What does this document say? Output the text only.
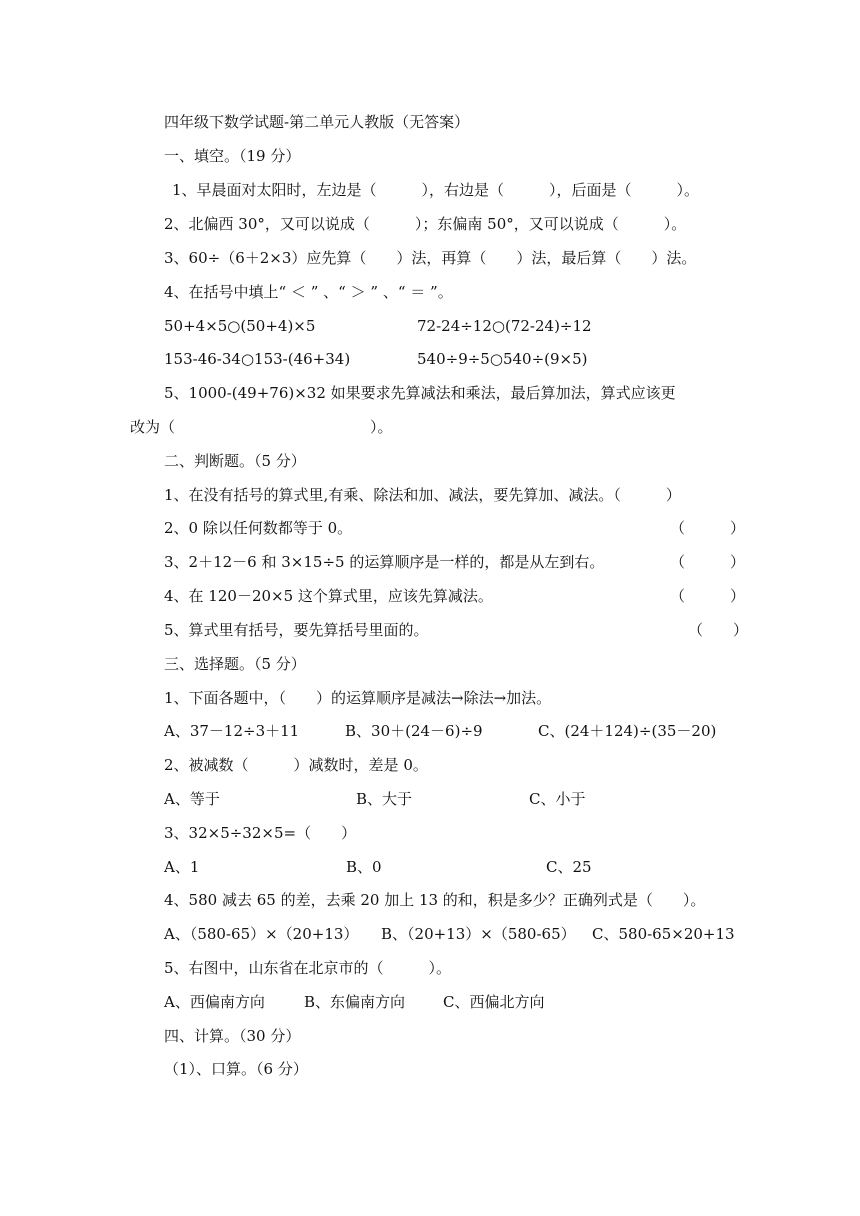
四年级下数学试题-第二单元人教版（无答案）
一、填空。（19 分）
1、早晨面对太阳时，左边是（　　　），右边是（　　　），后面是（　　　）。
2、北偏西 30°，又可以说成（　　　）；东偏南 50°，又可以说成（　　　）。
3、60÷（6＋2×3）应先算（　　）法，再算（　　）法，最后算（　　）法。
4、在括号中填上“ ＜ ” 、“ ＞ ” 、“ ＝ ”。
50+4×5○(50+4)×5	72-24÷12○(72-24)÷12
153-46-34○153-(46+34)	540÷9÷5○540÷(9×5)
5、1000-(49+76)×32 如果要求先算减法和乘法，最后算加法，算式应该更
改为（　　　　　　　　　　　　　）。
二、判断题。（5 分）
1、在没有括号的算式里,有乘、除法和加、减法，要先算加、减法。（　　　）
2、0 除以任何数都等于 0。	（　　　）
3、2＋12－6 和 3×15÷5 的运算顺序是一样的，都是从左到右。	（　　　）
4、在 120－20×5 这个算式里，应该先算减法。	（　　　）
5、算式里有括号，要先算括号里面的。	（　　）
三、选择题。（5 分）
1、下面各题中，（　　）的运算顺序是减法→除法→加法。
A、37－12÷3＋11	B、30＋(24－6)÷9	C、(24＋124)÷(35－20)
2、被减数（　　　）减数时，差是 0。
A、等于	B、大于	C、小于
3、32×5÷32×5=（　　）
A、1	B、0	C、25
4、580 减去 65 的差，去乘 20 加上 13 的和，积是多少？正确列式是（　　）。
A、（580-65）×（20+13） B、（20+13）×（580-65） C、580-65×20+13
5、右图中，山东省在北京市的（　　　）。
A、西偏南方向	B、东偏南方向	C、西偏北方向
四、计算。（30 分）
（1）、口算。（6 分）
